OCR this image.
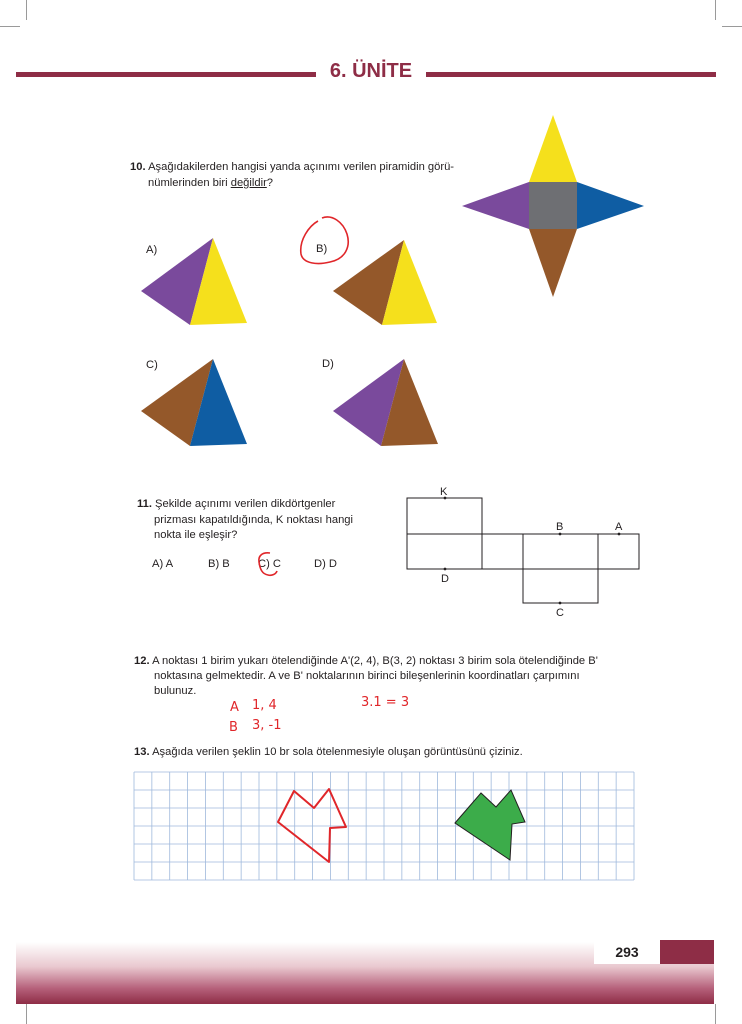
6. ÜNİTE
10. Aşağıdakilerden hangisi yanda açınımı verilen piramidin görü-
nümlerinden biri değildir?
A)	B)
C)	D)
11. Şekilde açınımı verilen dikdörtgenler
prizması kapatıldığında, K noktası hangi
nokta ile eşleşir?
A) A	B) B	C) C	D) D
K
B	A
D
C
12. A noktası 1 birim yukarı ötelendiğinde A'(2, 4), B(3, 2) noktası 3 birim sola ötelendiğinde B'
noktasına gelmektedir. A ve B' noktalarının birinci bileşenlerinin koordinatları çarpımını
bulunuz.
A 1, 4
B 3, -1
3.1 = 3
13. Aşağıda verilen şeklin 10 br sola ötelenmesiyle oluşan görüntüsünü çiziniz.
293
